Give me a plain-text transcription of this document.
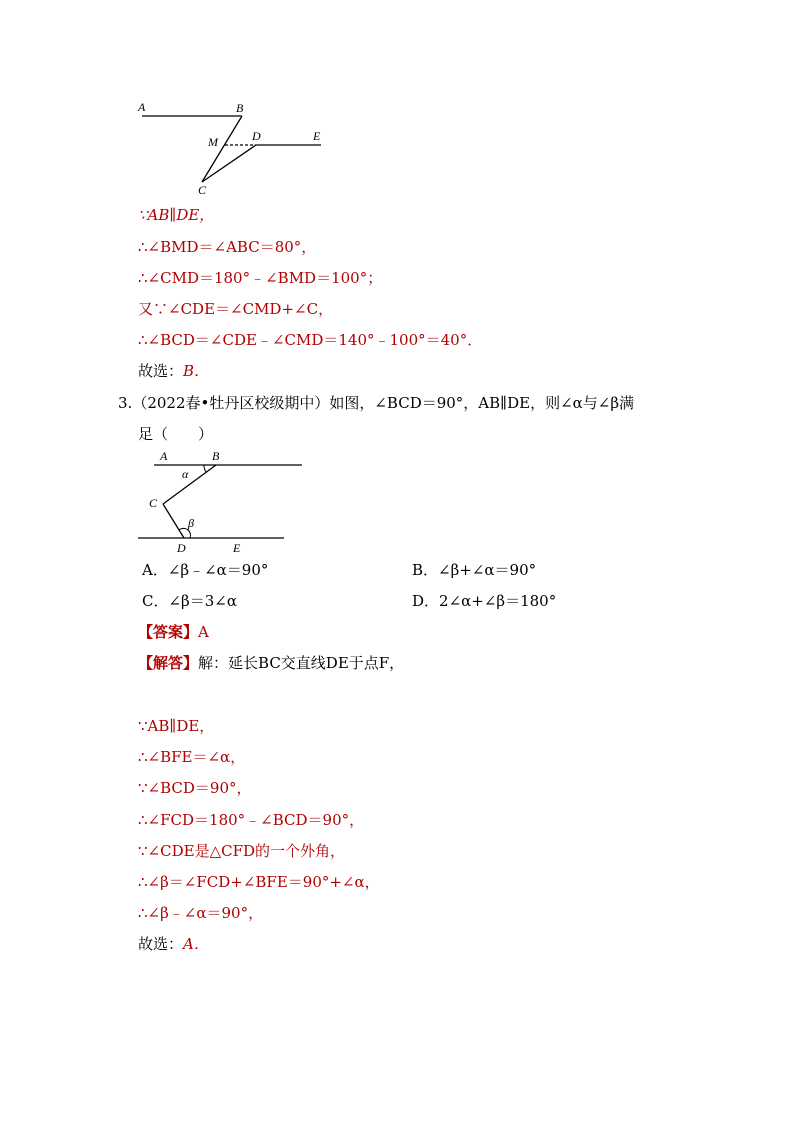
A	B
M	D	E
C
∵AB∥DE，
∴∠BMD＝∠ABC＝80°，
∴∠CMD＝180°﹣∠BMD＝100°；
又∵∠CDE＝∠CMD+∠C，
∴∠BCD＝∠CDE﹣∠CMD＝140°﹣100°＝40°．
故选：B．
3.（2022春•牡丹区校级期中）如图，∠BCD＝90°，AB∥DE，则∠α与∠β满
足（　　）
A	B
α
C
β
D	E
A．∠β﹣∠α＝90°	B．∠β+∠α＝90°
C．∠β＝3∠α	D．2∠α+∠β＝180°
【答案】A
【解答】解：延长BC交直线DE于点F，
∵AB∥DE，
∴∠BFE＝∠α，
∵∠BCD＝90°，
∴∠FCD＝180°﹣∠BCD＝90°，
∵∠CDE是△CFD的一个外角，
∴∠β＝∠FCD+∠BFE＝90°+∠α，
∴∠β﹣∠α＝90°，
故选：A．
